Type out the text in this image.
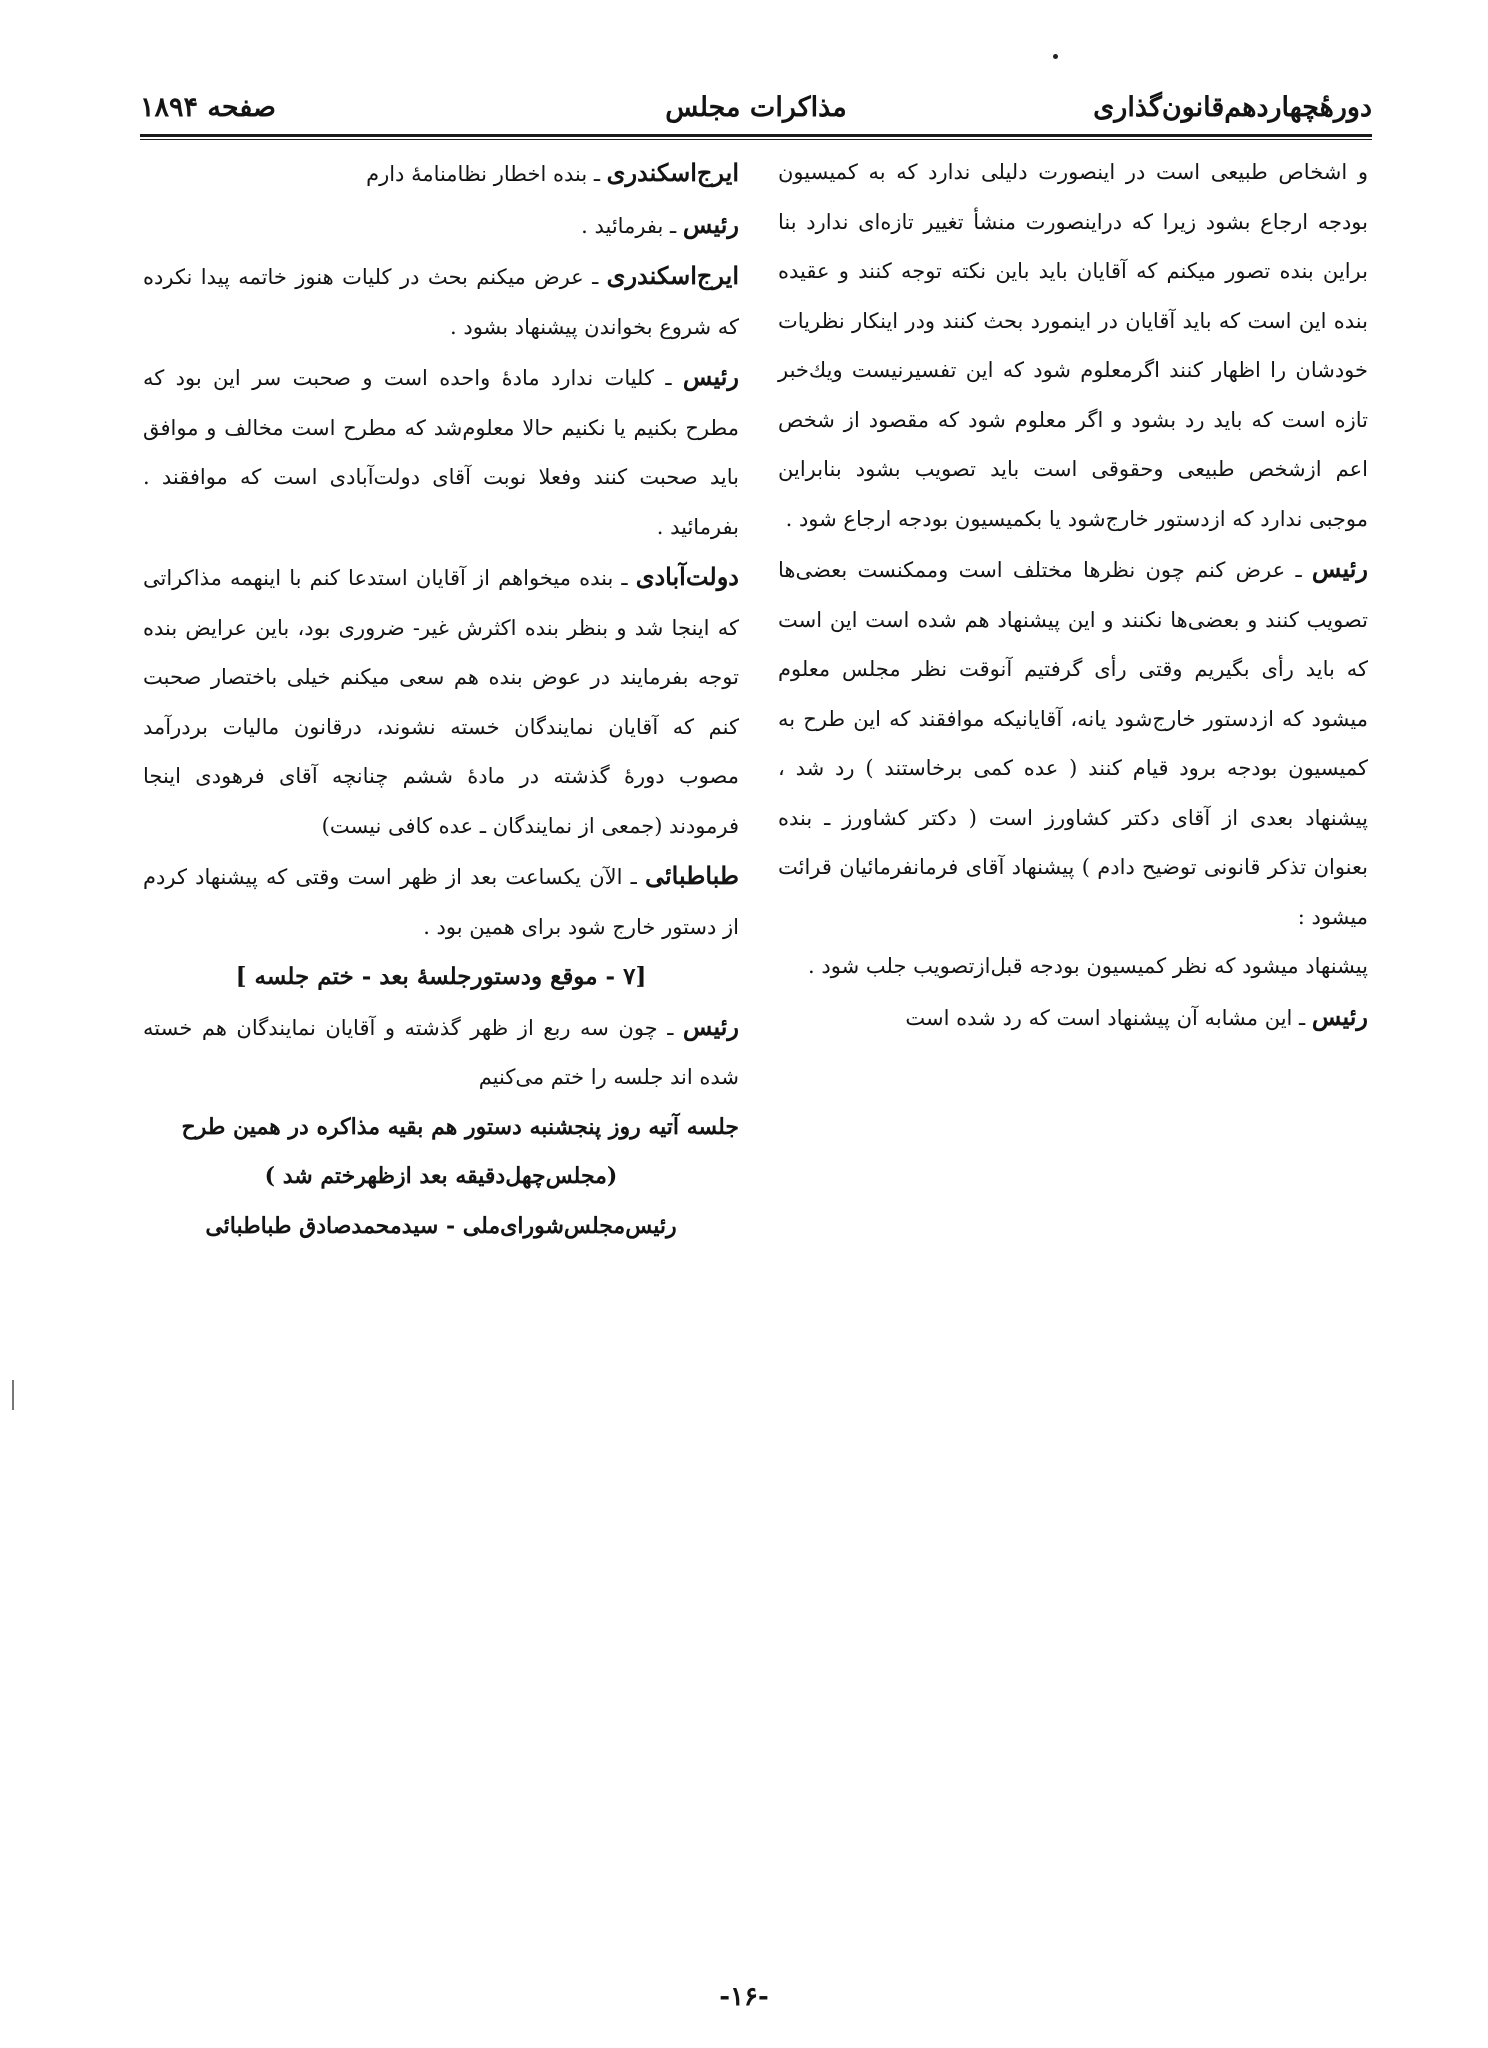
دورهٔچهاردهم‌قانون‌گذاری
مذاکرات مجلس
صفحه ۱۸۹۴

و اشخاص طبیعی است در اینصورت دلیلی ندارد که به کمیسیون بودجه ارجاع بشود زیرا که دراینصورت منشأ تغییر تازه‌ای ندارد بنا براین بنده تصور میکنم که آقایان باید باین نکته توجه کنند و عقیده بنده این است که باید آقایان در اینمورد بحث کنند ودر اینکار نظریات خودشان را اظهار کنند اگرمعلوم شود که این تفسیرنیست ویك‌خبر تازه است که باید رد بشود و اگر معلوم شود که مقصود از شخص اعم ازشخص طبیعی وحقوقی است باید تصویب بشود بنابراین موجبی ندارد که ازدستور خارج‌شود یا بکمیسیون بودجه ارجاع شود .

رئیس ـ عرض کنم چون نظرها مختلف است وممکنست بعضی‌ها تصویب کنند و بعضی‌ها نکنند و این پیشنهاد هم شده است این است که باید رأی بگیریم وقتی رأی گرفتیم آنوقت نظر مجلس معلوم میشود که ازدستور خارج‌شود یانه، آقایانیکه موافقند که این طرح به کمیسیون بودجه برود قیام کنند ( عده کمی برخاستند ) رد شد ، پیشنهاد بعدی از آقای دکتر کشاورز است ( دکتر کشاورز ـ بنده بعنوان تذکر قانونی توضیح دادم ) پیشنهاد آقای فرمانفرمائیان قرائت میشود :

پیشنهاد میشود که نظر کمیسیون بودجه قبل‌ازتصویب جلب شود .

رئیس ـ این مشابه آن پیشنهاد است که رد شده است

ایرج‌اسکندری ـ بنده اخطار نظامنامهٔ دارم

رئیس ـ بفرمائید .

ایرج‌اسکندری ـ عرض میکنم بحث در کلیات هنوز خاتمه پیدا نکرده که شروع بخواندن پیشنهاد بشود .

رئیس ـ کلیات ندارد مادهٔ واحده است و صحبت سر این بود که مطرح بکنیم یا نکنیم حالا معلوم‌شد که مطرح است مخالف و موافق باید صحبت کنند وفعلا نوبت آقای دولت‌آبادی است که موافقند . بفرمائید .

دولت‌آبادی ـ بنده میخواهم از آقایان استدعا کنم با اینهمه مذاکراتی که اینجا شد و بنظر بنده اکثرش غیر- ضروری بود، باین عرایض بنده توجه بفرمایند در عوض بنده هم سعی میکنم خیلی باختصار صحبت کنم که آقایان نمایندگان خسته نشوند، درقانون مالیات بردرآمد مصوب دورهٔ گذشته در مادهٔ ششم چنانچه آقای فرهودی اینجا فرمودند (جمعی از نمایندگان ـ عده کافی نیست)

طباطبائی ـ الآن یکساعت بعد از ظهر است وقتی که پیشنهاد کردم از دستور خارج شود برای همین بود .

[۷ - موقع ودستورجلسهٔ بعد - ختم جلسه ]

رئیس ـ چون سه ربع از ظهر گذشته و آقایان نمایندگان هم خسته شده اند جلسه را ختم می‌کنیم

جلسه آتیه روز پنجشنبه دستور هم بقیه مذاکره در همین طرح

(مجلس‌چهل‌دقیقه بعد ازظهرختم شد )

رئیس‌مجلس‌شورای‌ملی - سیدمحمدصادق طباطبائی

-۱۶-
